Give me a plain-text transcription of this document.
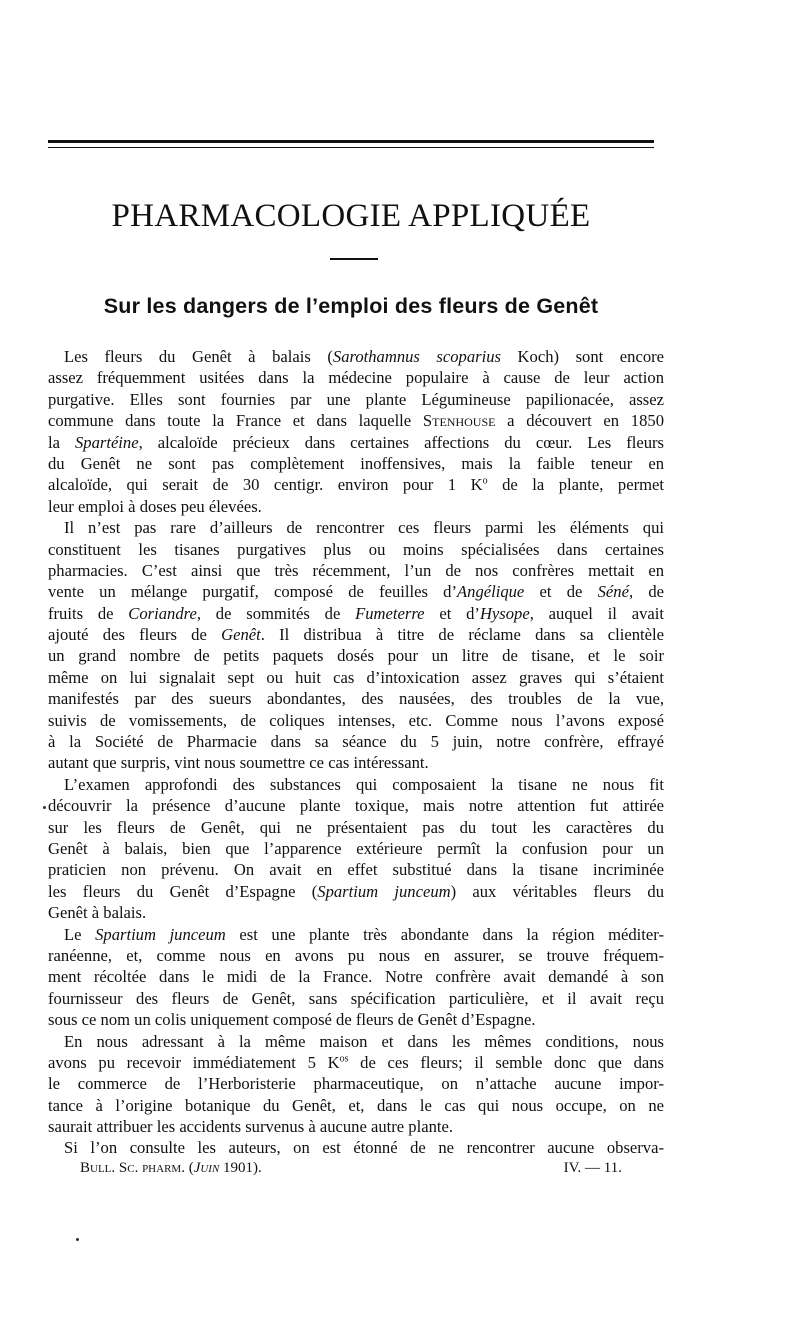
PHARMACOLOGIE APPLIQUÉE
Sur les dangers de l’emploi des fleurs de Genêt
Les fleurs du Genêt à balais (Sarothamnus scoparius Koch) sont encore
assez fréquemment usitées dans la médecine populaire à cause de leur action
purgative. Elles sont fournies par une plante Légumineuse papilionacée, assez
commune dans toute la France et dans laquelle Stenhouse a découvert en 1850
la Spartéine, alcaloïde précieux dans certaines affections du cœur. Les fleurs
du Genêt ne sont pas complètement inoffensives, mais la faible teneur en
alcaloïde, qui serait de 30 centigr. environ pour 1 $K^o$ de la plante, permet
leur emploi à doses peu élevées.
Il n’est pas rare d’ailleurs de rencontrer ces fleurs parmi les éléments qui
constituent les tisanes purgatives plus ou moins spécialisées dans certaines
pharmacies. C’est ainsi que très récemment, l’un de nos confrères mettait en
vente un mélange purgatif, composé de feuilles d’Angélique et de Séné, de
fruits de Coriandre, de sommités de Fumeterre et d’Hysope, auquel il avait
ajouté des fleurs de Genêt. Il distribua à titre de réclame dans sa clientèle
un grand nombre de petits paquets dosés pour un litre de tisane, et le soir
même on lui signalait sept ou huit cas d’intoxication assez graves qui s’étaient
manifestés par des sueurs abondantes, des nausées, des troubles de la vue,
suivis de vomissements, de coliques intenses, etc. Comme nous l’avons exposé
à la Société de Pharmacie dans sa séance du 5 juin, notre confrère, effrayé
autant que surpris, vint nous soumettre ce cas intéressant.
L’examen approfondi des substances qui composaient la tisane ne nous fit
découvrir la présence d’aucune plante toxique, mais notre attention fut attirée
sur les fleurs de Genêt, qui ne présentaient pas du tout les caractères du
Genêt à balais, bien que l’apparence extérieure permît la confusion pour un
praticien non prévenu. On avait en effet substitué dans la tisane incriminée
les fleurs du Genêt d’Espagne (Spartium junceum) aux véritables fleurs du
Genêt à balais.
Le Spartium junceum est une plante très abondante dans la région méditer-
ranéenne, et, comme nous en avons pu nous en assurer, se trouve fréquem-
ment récoltée dans le midi de la France. Notre confrère avait demandé à son
fournisseur des fleurs de Genêt, sans spécification particulière, et il avait reçu
sous ce nom un colis uniquement composé de fleurs de Genêt d’Espagne.
En nous adressant à la même maison et dans les mêmes conditions, nous
avons pu recevoir immédiatement 5 $K^{os}$ de ces fleurs; il semble donc que dans
le commerce de l’Herboristerie pharmaceutique, on n’attache aucune impor-
tance à l’origine botanique du Genêt, et, dans le cas qui nous occupe, on ne
saurait attribuer les accidents survenus à aucune autre plante.
Si l’on consulte les auteurs, on est étonné de ne rencontrer aucune observa-
Bull. Sc. pharm. (Juin 1901).	IV. — 11.
